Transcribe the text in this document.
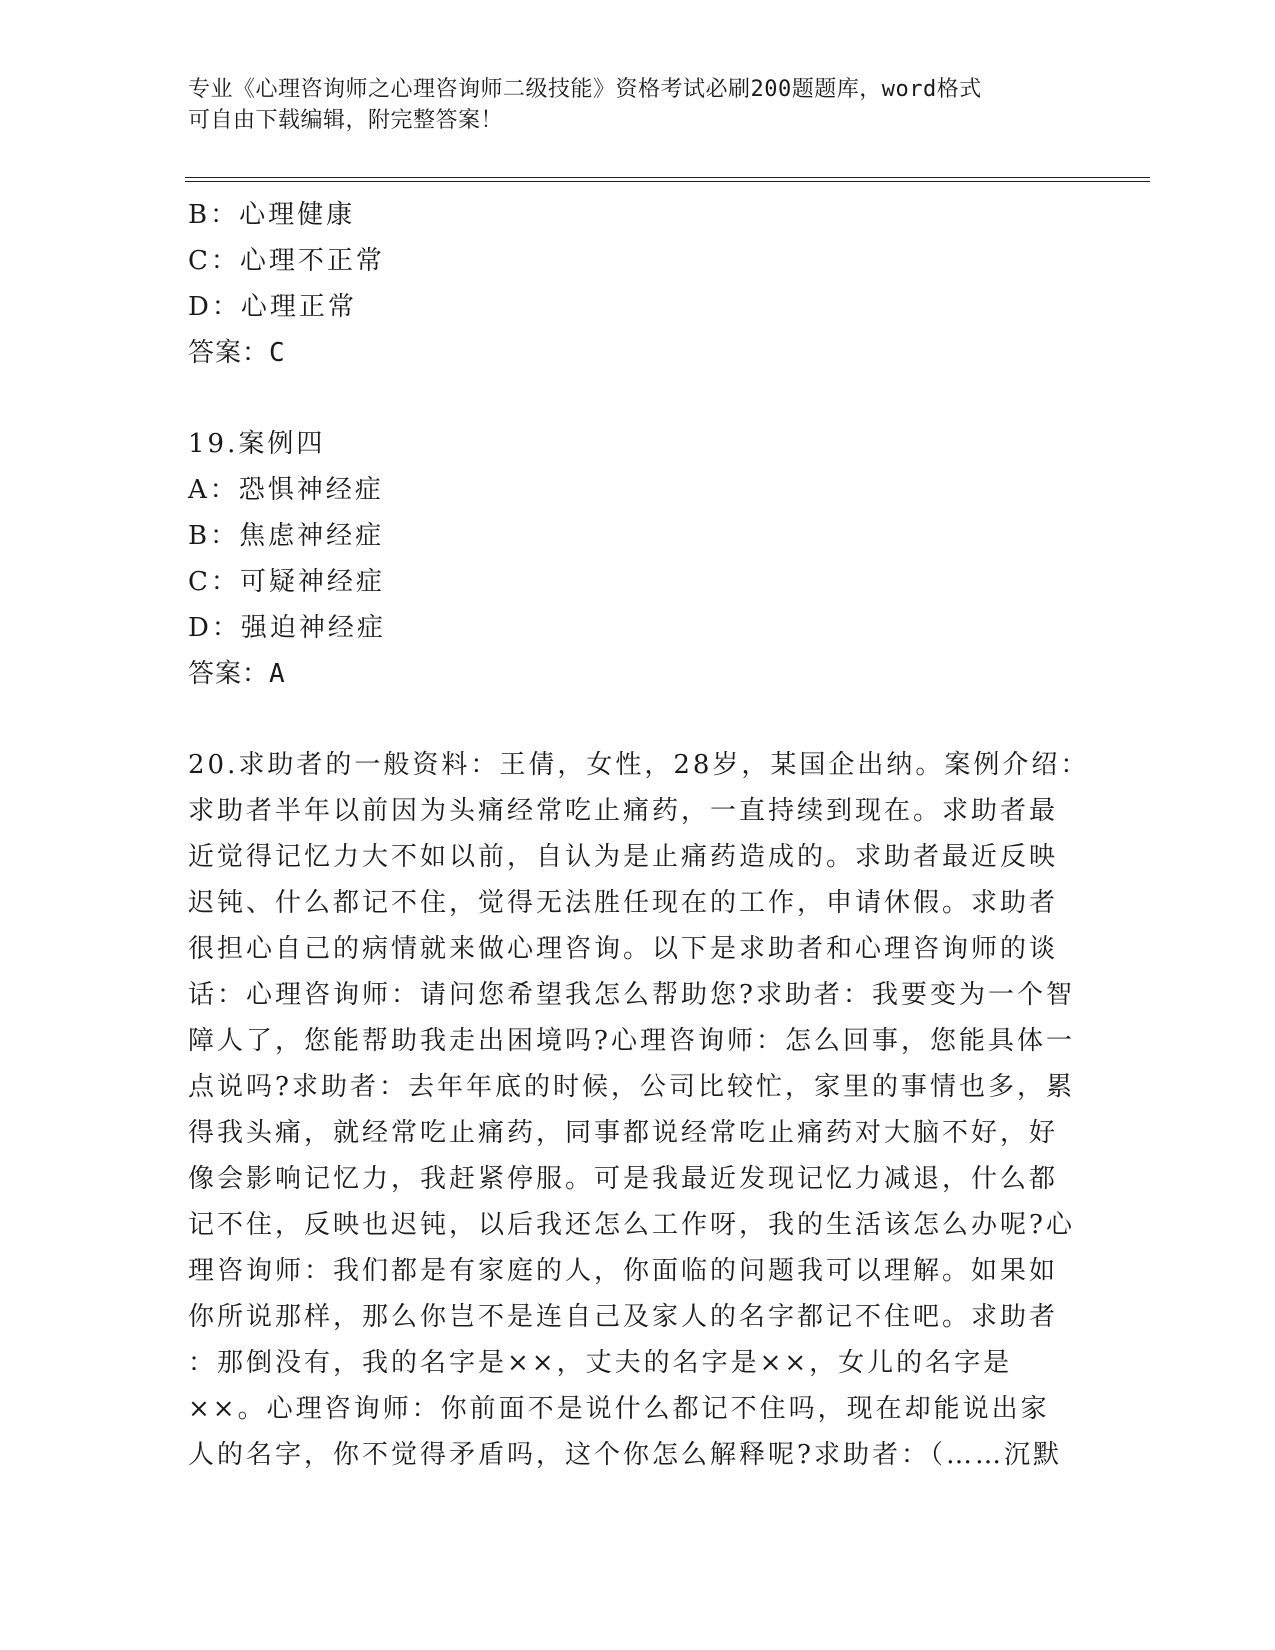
专业《心理咨询师之心理咨询师二级技能》资格考试必刷200题题库，word格式
可自由下载编辑，附完整答案！
B：心理健康
C：心理不正常
D：心理正常
答案：C
19.案例四
A：恐惧神经症
B：焦虑神经症
C：可疑神经症
D：强迫神经症
答案：A
20.求助者的一般资料：王倩，女性，28岁，某国企出纳。案例介绍：
求助者半年以前因为头痛经常吃止痛药，一直持续到现在。求助者最
近觉得记忆力大不如以前，自认为是止痛药造成的。求助者最近反映
迟钝、什么都记不住，觉得无法胜任现在的工作，申请休假。求助者
很担心自己的病情就来做心理咨询。以下是求助者和心理咨询师的谈
话：心理咨询师：请问您希望我怎么帮助您?求助者：我要变为一个智
障人了，您能帮助我走出困境吗?心理咨询师：怎么回事，您能具体一
点说吗?求助者：去年年底的时候，公司比较忙，家里的事情也多，累
得我头痛，就经常吃止痛药，同事都说经常吃止痛药对大脑不好，好
像会影响记忆力，我赶紧停服。可是我最近发现记忆力减退，什么都
记不住，反映也迟钝，以后我还怎么工作呀，我的生活该怎么办呢?心
理咨询师：我们都是有家庭的人，你面临的问题我可以理解。如果如
你所说那样，那么你岂不是连自己及家人的名字都记不住吧。求助者
：那倒没有，我的名字是××，丈夫的名字是××，女儿的名字是
××。心理咨询师：你前面不是说什么都记不住吗，现在却能说出家
人的名字，你不觉得矛盾吗，这个你怎么解释呢?求助者：（……沉默
